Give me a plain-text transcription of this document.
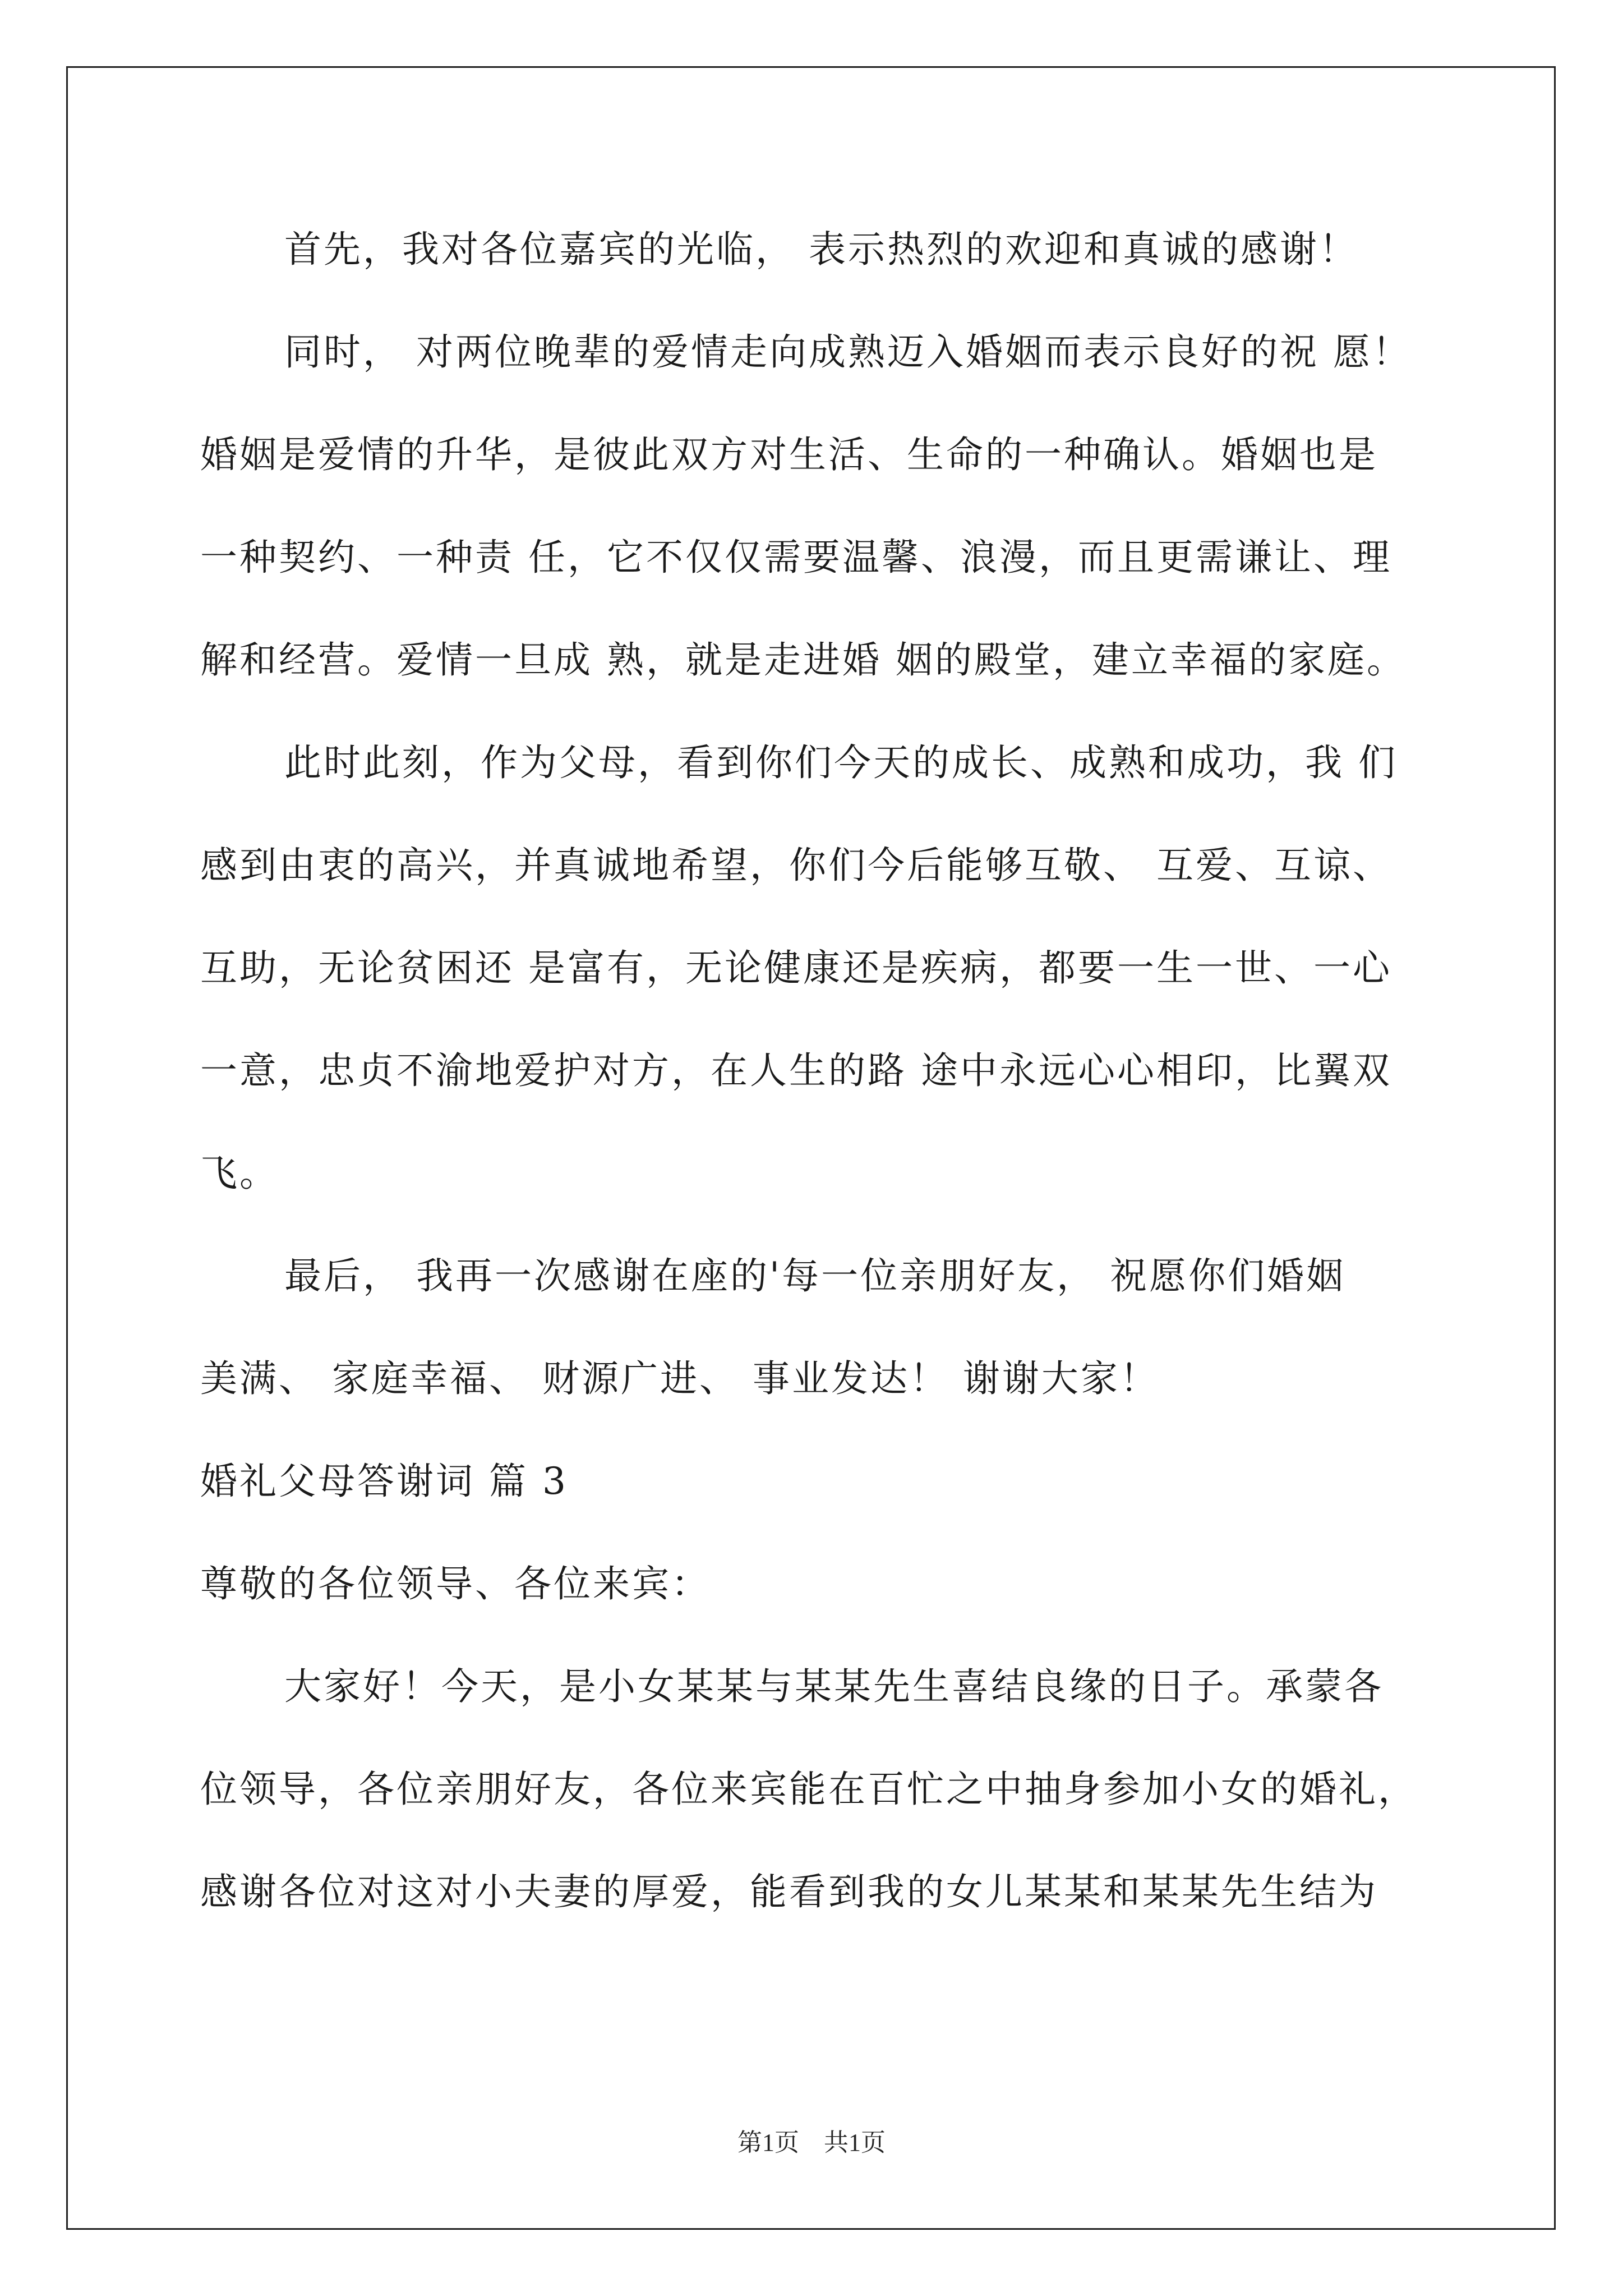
首先，我对各位嘉宾的光临， 表示热烈的欢迎和真诚的感谢！
同时， 对两位晚辈的爱情走向成熟迈入婚姻而表示良好的祝 愿！
婚姻是爱情的升华，是彼此双方对生活、生命的一种确认。婚姻也是
一种契约、一种责 任，它不仅仅需要温馨、浪漫，而且更需谦让、理
解和经营。爱情一旦成 熟，就是走进婚 姻的殿堂，建立幸福的家庭。
此时此刻，作为父母，看到你们今天的成长、成熟和成功，我 们
感到由衷的高兴，并真诚地希望，你们今后能够互敬、 互爱、互谅、
互助，无论贫困还 是富有，无论健康还是疾病，都要一生一世、一心
一意，忠贞不渝地爱护对方，在人生的路 途中永远心心相印，比翼双
飞。
最后， 我再一次感谢在座的'每一位亲朋好友， 祝愿你们婚姻
美满、 家庭幸福、 财源广进、 事业发达！ 谢谢大家！
婚礼父母答谢词 篇 3
尊敬的各位领导、各位来宾：
大家好！今天，是小女某某与某某先生喜结良缘的日子。承蒙各
位领导，各位亲朋好友，各位来宾能在百忙之中抽身参加小女的婚礼，
感谢各位对这对小夫妻的厚爱，能看到我的女儿某某和某某先生结为
第1页　共1页
